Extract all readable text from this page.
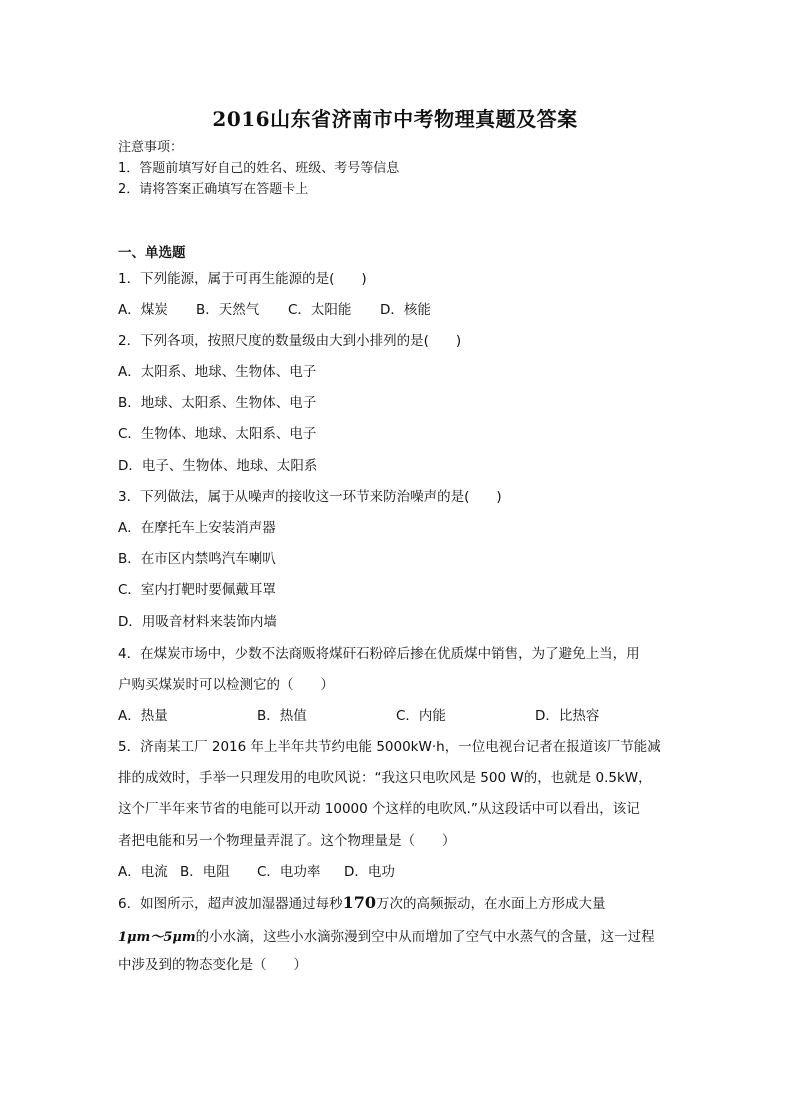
2016山东省济南市中考物理真题及答案
注意事项：
1．答题前填写好自己的姓名、班级、考号等信息
2．请将答案正确填写在答题卡上
一、单选题
1．下列能源，属于可再生能源的是(　　)
A．煤炭 B．天然气 C．太阳能 D．核能
2．下列各项，按照尺度的数量级由大到小排列的是(　　)
A．太阳系、地球、生物体、电子
B．地球、太阳系、生物体、电子
C．生物体、地球、太阳系、电子
D．电子、生物体、地球、太阳系
3．下列做法，属于从噪声的接收这一环节来防治噪声的是(　　)
A．在摩托车上安装消声器
B．在市区内禁鸣汽车喇叭
C．室内打靶时要佩戴耳罩
D．用吸音材料来装饰内墙
4．在煤炭市场中，少数不法商贩将煤矸石粉碎后掺在优质煤中销售，为了避免上当，用
户购买煤炭时可以检测它的（　　）
A．热量	B．热值	C．内能	D．比热容
5．济南某工厂 2016 年上半年共节约电能 5000kW·h，一位电视台记者在报道该厂节能减
排的成效时，手举一只理发用的电吹风说：“我这只电吹风是 500 W的，也就是 0.5kW，
这个厂半年来节省的电能可以开动 10000 个这样的电吹风.”从这段话中可以看出，该记
者把电能和另一个物理量弄混了。这个物理量是（　　）
A．电流 B．电阻 C．电功率 D．电功
6．如图所示，超声波加湿器通过每秒170万次的高频振动，在水面上方形成大量
1μm～5μm的小水滴，这些小水滴弥漫到空中从而增加了空气中水蒸气的含量，这一过程
中涉及到的物态变化是（　　）
